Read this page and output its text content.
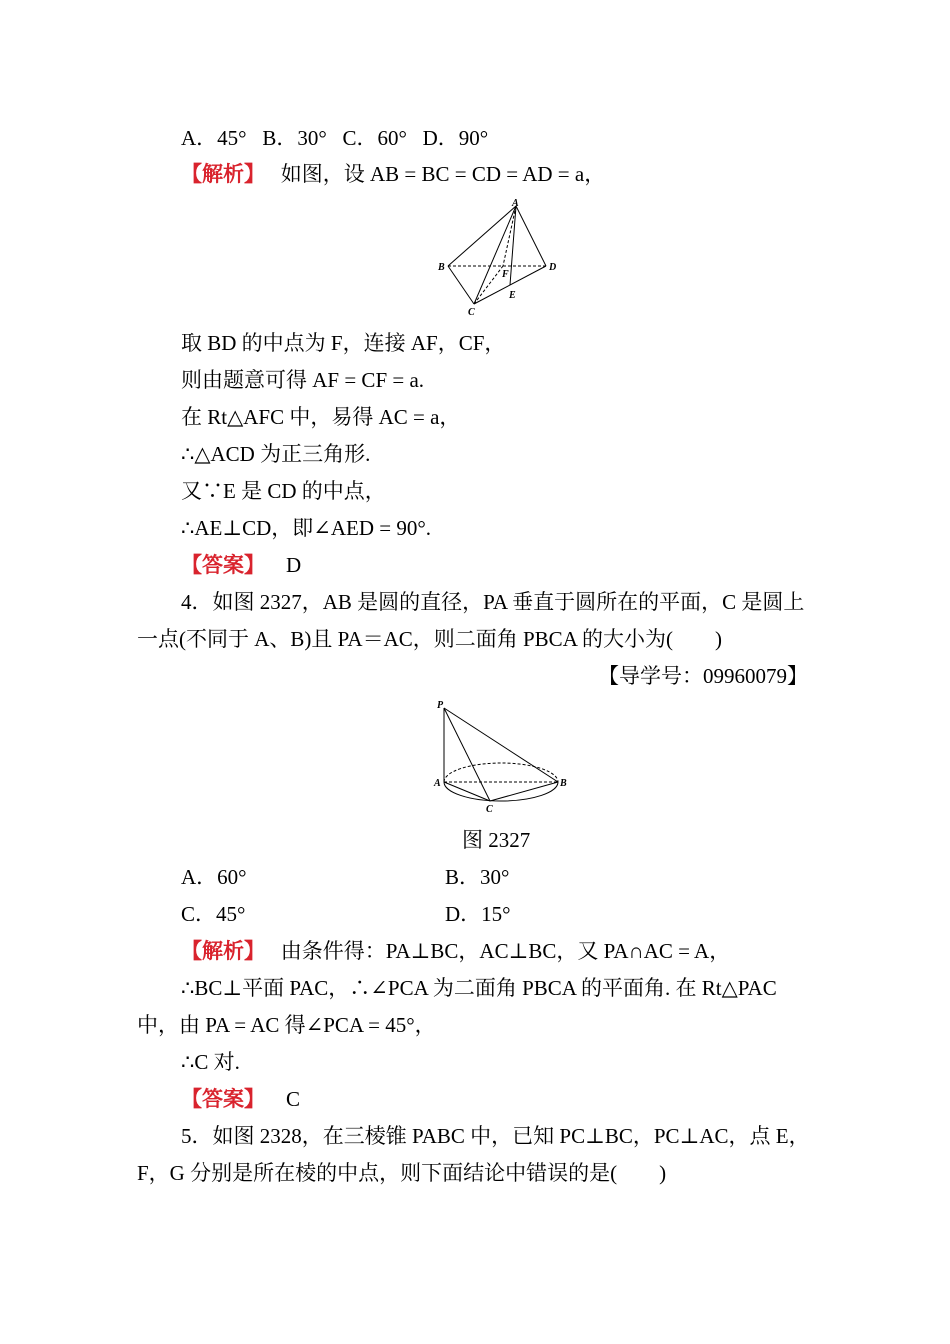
A．45° B．30° C．60° D．90°
【解析】 如图，设 AB = BC = CD = AD = a，
A
B
C
D
E
F
取 BD 的中点为 F，连接 AF，CF，
则由题意可得 AF = CF = a.
在 Rt△AFC 中，易得 AC = a，
∴△ACD 为正三角形.
又∵E 是 CD 的中点，
∴AE⊥CD，即∠AED = 90°.
【答案】 D
4．如图 2327，AB 是圆的直径，PA 垂直于圆所在的平面，C 是圆上
一点(不同于 A、B)且 PA＝AC，则二面角 PBCA 的大小为(　　)
【导学号：09960079】
P
A	B
C
图 2327
A．60°	B．30°
C．45°	D．15°
【解析】 由条件得：PA⊥BC，AC⊥BC，又 PA∩AC = A，
∴BC⊥平面 PAC，∴∠PCA 为二面角 PBCA 的平面角. 在 Rt△PAC
中，由 PA = AC 得∠PCA = 45°，
∴C 对.
【答案】 C
5．如图 2328，在三棱锥 PABC 中，已知 PC⊥BC，PC⊥AC，点 E，
F，G 分别是所在棱的中点，则下面结论中错误的是(　　)
